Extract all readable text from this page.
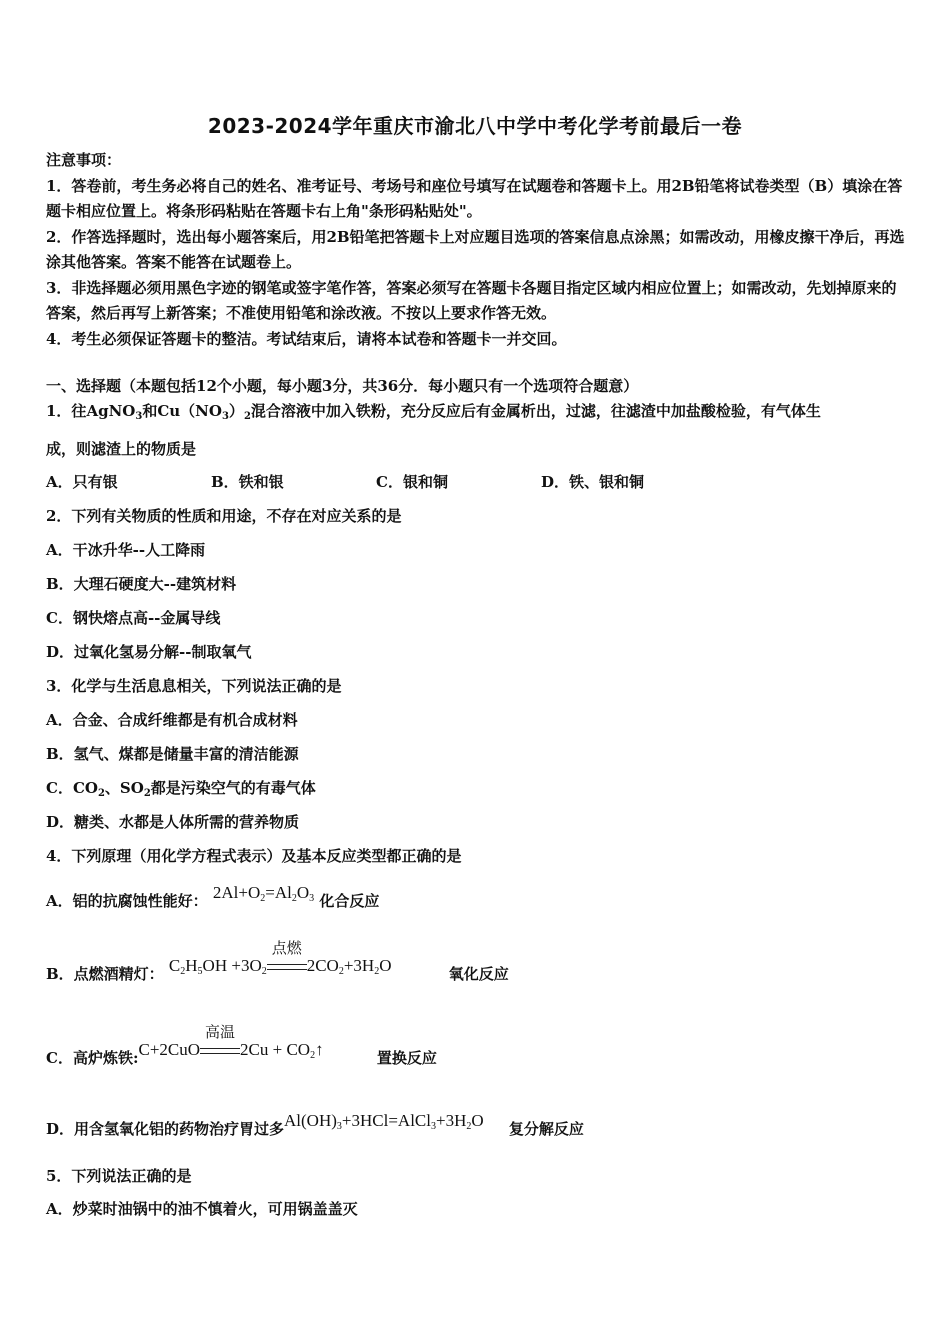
2023-2024学年重庆市渝北八中学中考化学考前最后一卷
注意事项：
1．答卷前，考生务必将自己的姓名、准考证号、考场号和座位号填写在试题卷和答题卡上。用2B铅笔将试卷类型（B）填涂在答题卡相应位置上。将条形码粘贴在答题卡右上角"条形码粘贴处"。
2．作答选择题时，选出每小题答案后，用2B铅笔把答题卡上对应题目选项的答案信息点涂黑；如需改动，用橡皮擦干净后，再选涂其他答案。答案不能答在试题卷上。
3．非选择题必须用黑色字迹的钢笔或签字笔作答，答案必须写在答题卡各题目指定区域内相应位置上；如需改动，先划掉原来的答案，然后再写上新答案；不准使用铅笔和涂改液。不按以上要求作答无效。
4．考生必须保证答题卡的整洁。考试结束后，请将本试卷和答题卡一并交回。
一、选择题（本题包括12个小题，每小题3分，共36分．每小题只有一个选项符合题意）
1．往AgNO$_3$和$Cu(NO_3)_2$混合溶液中加入铁粉，充分反应后有金属析出，过滤，往滤渣中加盐酸检验，有气体生
成，则滤渣上的物质是
A．只有银	B．铁和银	C．银和铜	D．铁、银和铜
2．下列有关物质的性质和用途，不存在对应关系的是
A．干冰升华--人工降雨
B．大理石硬度大--建筑材料
C．钢快熔点高--金属导线
D．过氧化氢易分解--制取氧气
3．化学与生活息息相关，下列说法正确的是
A．合金、合成纤维都是有机合成材料
B．氢气、煤都是储量丰富的清洁能源
C．$CO_2$、$SO_2$都是污染空气的有毒气体
D．糖类、水都是人体所需的营养物质
4．下列原理（用化学方程式表示）及基本反应类型都正确的是
A．铝的抗腐蚀性能好： $2Al+O_2=Al_2O_3$ 化合反应
B．点燃酒精灯： $C_2H_5OH +3O_2$
点燃
$2CO_2+3H_2O$	氧化反应
C．高炉炼铁:C+2CuO
高温
$2Cu + CO_2↑$	置换反应
D．用含氢氧化铝的药物治疗胃过多$Al(OH)_3+3HCl=AlCl_3+3H_2O$ 复分解反应
5．下列说法正确的是
A．炒菜时油锅中的油不慎着火，可用锅盖盖灭
